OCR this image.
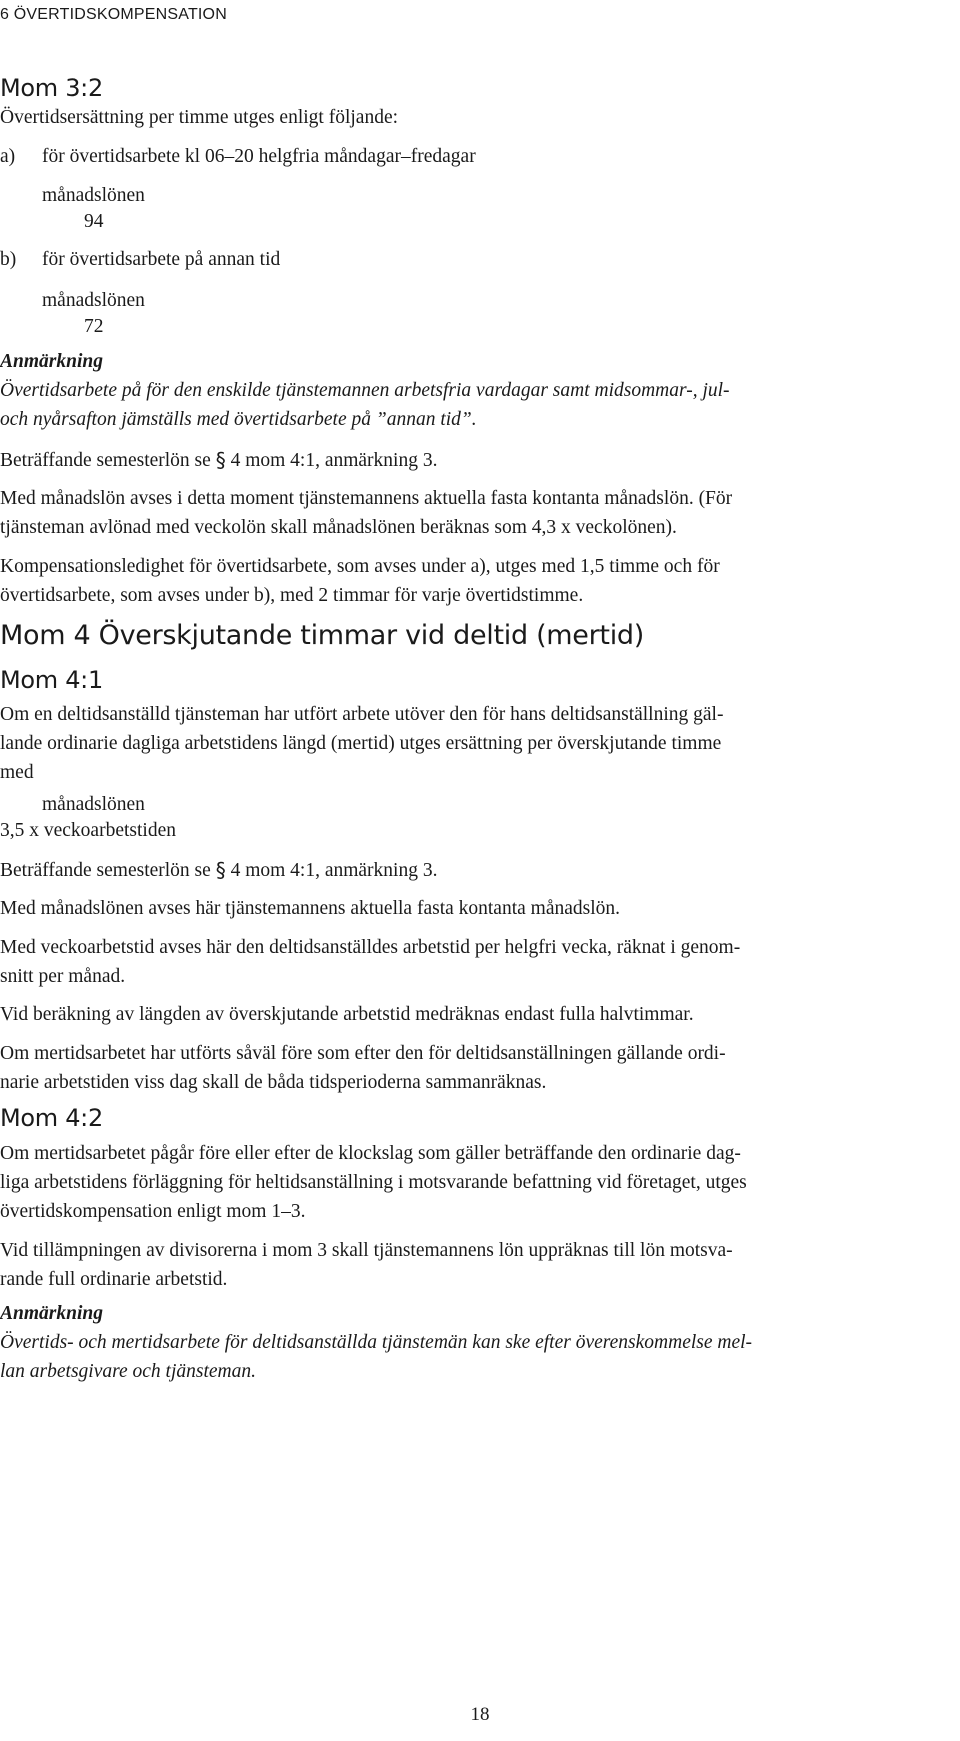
6 ÖVERTIDSKOMPENSATION
Mom 3:2

Övertidsersättning per timme utges enligt följande:

a) för övertidsarbete kl 06–20 helgfria måndagar–fredagar

månadslönen

94

b) för övertidsarbete på annan tid

månadslönen

72

Anmärkning

Övertidsarbete på för den enskilde tjänstemannen arbetsfria vardagar samt midsommar-, jul-

och nyårsafton jämställs med övertidsarbete på ”annan tid”.

Beträffande semesterlön se § 4 mom 4:1, anmärkning 3.

Med månadslön avses i detta moment tjänstemannens aktuella fasta kontanta månadslön. (För

tjänsteman avlönad med veckolön skall månadslönen beräknas som 4,3 x veckolönen).

Kompensationsledighet för övertidsarbete, som avses under a), utges med 1,5 timme och för

övertidsarbete, som avses under b), med 2 timmar för varje övertidstimme.

Mom 4 Överskjutande timmar vid deltid (mertid)
Mom 4:1

Om en deltidsanställd tjänsteman har utfört arbete utöver den för hans deltidsanställning gäl-

lande ordinarie dagliga arbetstidens längd (mertid) utges ersättning per överskjutande timme

med

månadslönen

3,5 x veckoarbetstiden

Beträffande semesterlön se § 4 mom 4:1, anmärkning 3.

Med månadslönen avses här tjänstemannens aktuella fasta kontanta månadslön.

Med veckoarbetstid avses här den deltidsanställdes arbetstid per helgfri vecka, räknat i genom-

snitt per månad.

Vid beräkning av längden av överskjutande arbetstid medräknas endast fulla halvtimmar.

Om mertidsarbetet har utförts såväl före som efter den för deltidsanställningen gällande ordi-

narie arbetstiden viss dag skall de båda tidsperioderna sammanräknas.

Mom 4:2

Om mertidsarbetet pågår före eller efter de klockslag som gäller beträffande den ordinarie dag-

liga arbetstidens förläggning för heltidsanställning i motsvarande befattning vid företaget, utges

övertidskompensation enligt mom 1–3.

Vid tillämpningen av divisorerna i mom 3 skall tjänstemannens lön uppräknas till lön motsva-

rande full ordinarie arbetstid.

Anmärkning

Övertids- och mertidsarbete för deltidsanställda tjänstemän kan ske efter överenskommelse mel-

lan arbetsgivare och tjänsteman.

18
